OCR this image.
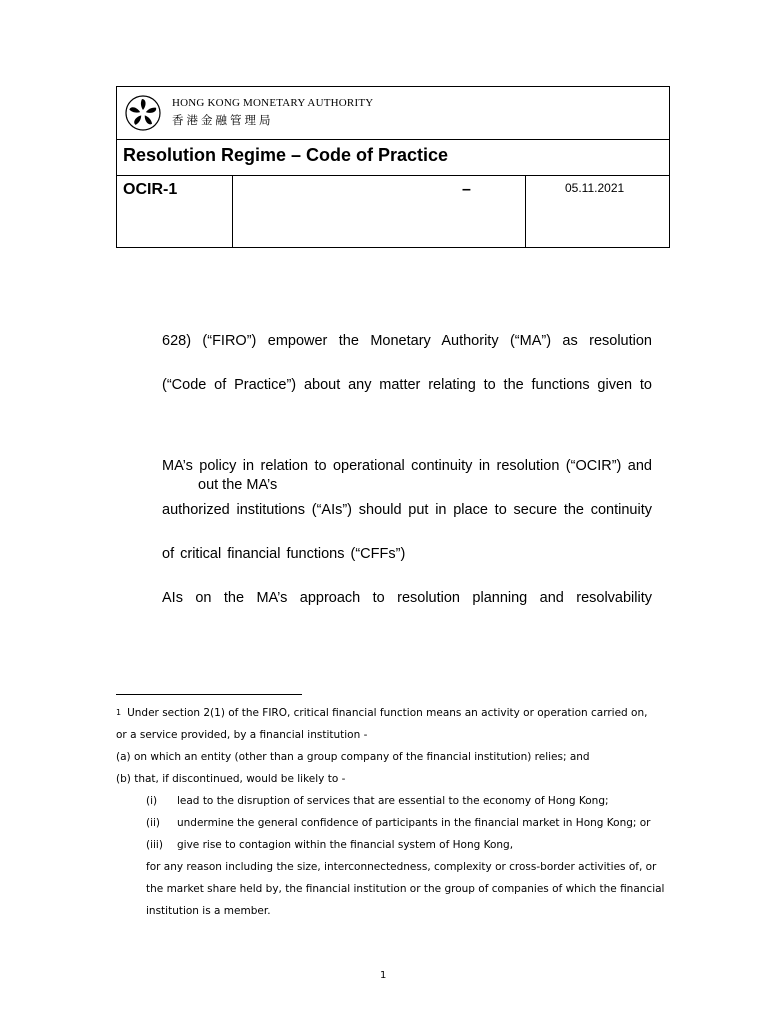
HONG KONG MONETARY AUTHORITY
香港金融管理局
Resolution Regime – Code of Practice
OCIR-1	–	05.11.2021
628) (“FIRO”) empower the Monetary Authority (“MA”) as resolution
(“Code of Practice”) about any matter relating to the functions given to
MA’s policy in relation to operational continuity in resolution (“OCIR”) and
out the MA’s
authorized institutions (“AIs”) should put in place to secure the continuity
of critical financial functions (“CFFs”)
AIs on the MA’s approach to resolution planning and resolvability
$^1$ Under section 2(1) of the FIRO, critical financial function means an activity or operation carried on,
or a service provided, by a financial institution -
(a) on which an entity (other than a group company of the financial institution) relies; and
(b) that, if discontinued, would be likely to -
(i) lead to the disruption of services that are essential to the economy of Hong Kong;
(ii) undermine the general confidence of participants in the financial market in Hong Kong; or
(iii) give rise to contagion within the financial system of Hong Kong,
for any reason including the size, interconnectedness, complexity or cross-border activities of, or
the market share held by, the financial institution or the group of companies of which the financial
institution is a member.
1
